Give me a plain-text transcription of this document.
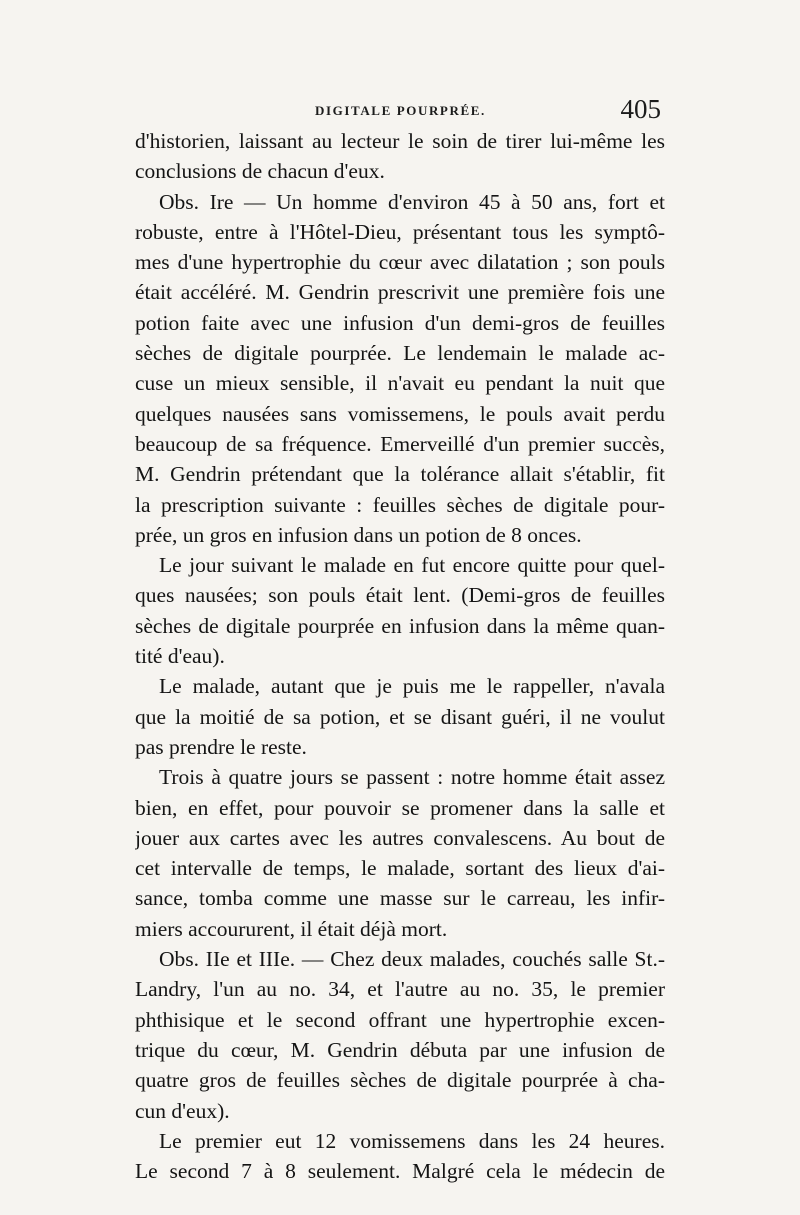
DIGITALE POURPRÉE.	405
d'historien, laissant au lecteur le soin de tirer lui-même les
conclusions de chacun d'eux.
Obs. Ire — Un homme d'environ 45 à 50 ans, fort et
robuste, entre à l'Hôtel-Dieu, présentant tous les symptô-
mes d'une hypertrophie du cœur avec dilatation ; son pouls
était accéléré. M. Gendrin prescrivit une première fois une
potion faite avec une infusion d'un demi-gros de feuilles
sèches de digitale pourprée. Le lendemain le malade ac-
cuse un mieux sensible, il n'avait eu pendant la nuit que
quelques nausées sans vomissemens, le pouls avait perdu
beaucoup de sa fréquence. Emerveillé d'un premier succès,
M. Gendrin prétendant que la tolérance allait s'établir, fit
la prescription suivante : feuilles sèches de digitale pour-
prée, un gros en infusion dans un potion de 8 onces.
Le jour suivant le malade en fut encore quitte pour quel-
ques nausées; son pouls était lent. (Demi-gros de feuilles
sèches de digitale pourprée en infusion dans la même quan-
tité d'eau).
Le malade, autant que je puis me le rappeller, n'avala
que la moitié de sa potion, et se disant guéri, il ne voulut
pas prendre le reste.
Trois à quatre jours se passent : notre homme était assez
bien, en effet, pour pouvoir se promener dans la salle et
jouer aux cartes avec les autres convalescens. Au bout de
cet intervalle de temps, le malade, sortant des lieux d'ai-
sance, tomba comme une masse sur le carreau, les infir-
miers accoururent, il était déjà mort.
Obs. IIe et IIIe. — Chez deux malades, couchés salle St.-
Landry, l'un au no. 34, et l'autre au no. 35, le premier
phthisique et le second offrant une hypertrophie excen-
trique du cœur, M. Gendrin débuta par une infusion de
quatre gros de feuilles sèches de digitale pourprée à cha-
cun d'eux).
Le premier eut 12 vomissemens dans les 24 heures.
Le second 7 à 8 seulement. Malgré cela le médecin de
